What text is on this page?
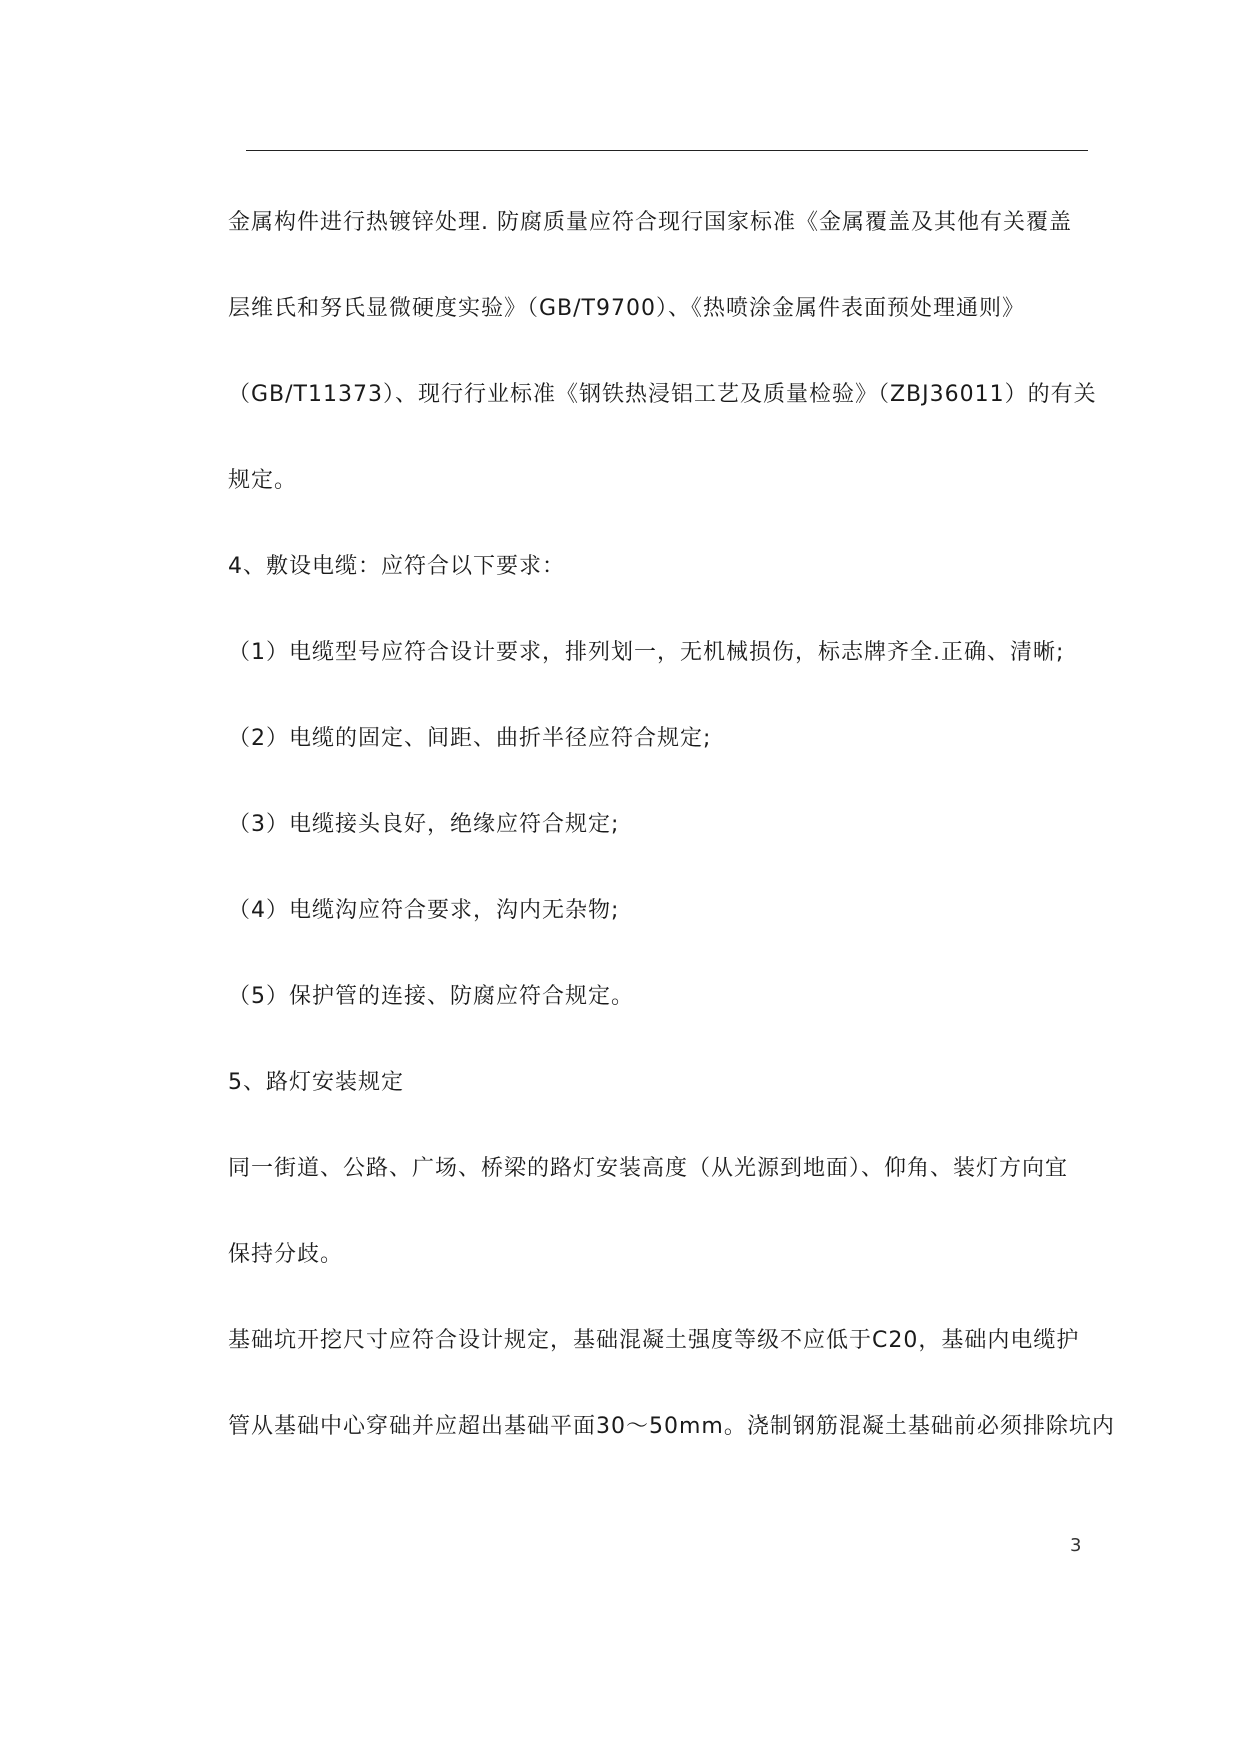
金属构件进行热镀锌处理. 防腐质量应符合现行国家标准《金属覆盖及其他有关覆盖
层维氏和努氏显微硬度实验》（GB/T9700）、《热喷涂金属件表面预处理通则》
（GB/T11373）、现行行业标准《钢铁热浸铝工艺及质量检验》（ZBJ36011）的有关
规定。
4、敷设电缆：应符合以下要求：
（1）电缆型号应符合设计要求，排列划一，无机械损伤，标志牌齐全.正确、清晰;
（2）电缆的固定、间距、曲折半径应符合规定;
（3）电缆接头良好，绝缘应符合规定;
（4）电缆沟应符合要求，沟内无杂物;
（5）保护管的连接、防腐应符合规定。
5、路灯安装规定
同一街道、公路、广场、桥梁的路灯安装高度（从光源到地面）、仰角、装灯方向宜
保持分歧。
基础坑开挖尺寸应符合设计规定，基础混凝土强度等级不应低于C20，基础内电缆护
管从基础中心穿础并应超出基础平面30～50mm。浇制钢筋混凝土基础前必须排除坑内
3
